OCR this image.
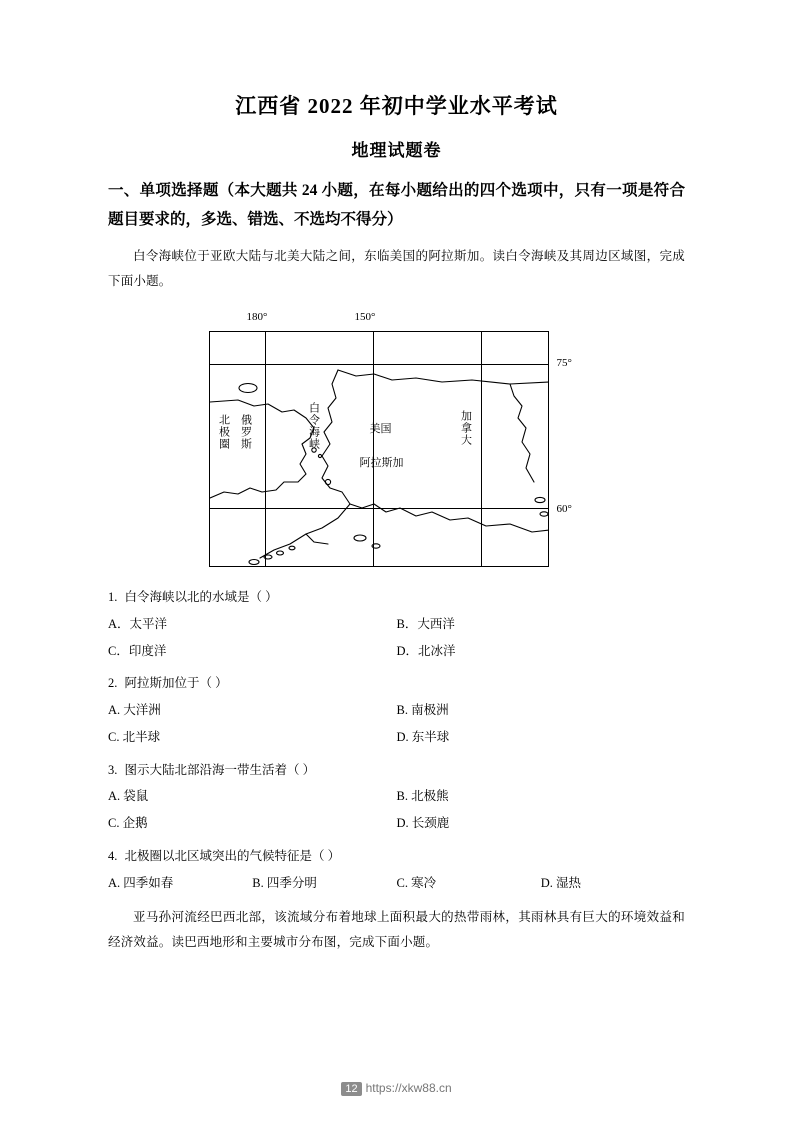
江西省 2022 年初中学业水平考试
地理试题卷
一、单项选择题（本大题共 24 小题，在每小题给出的四个选项中，只有一项是符合题目要求的，多选、错选、不选均不得分）
白令海峡位于亚欧大陆与北美大陆之间，东临美国的阿拉斯加。读白令海峡及其周边区域图，完成下面小题。
180°	150°
75°
60°
北极圈 俄罗斯	白令海峡	美国
阿拉斯加
加拿大
1. 白令海峡以北的水域是（ ）
A．太平洋	B．大西洋
C．印度洋	D．北冰洋
2. 阿拉斯加位于（ ）
A. 大洋洲	B. 南极洲
C. 北半球	D. 东半球
3. 图示大陆北部沿海一带生活着（ ）
A. 袋鼠	B. 北极熊
C. 企鹅	D. 长颈鹿
4. 北极圈以北区域突出的气候特征是（ ）
A. 四季如春	B. 四季分明	C. 寒冷	D. 湿热
亚马孙河流经巴西北部，该流域分布着地球上面积最大的热带雨林，其雨林具有巨大的环境效益和经济效益。读巴西地形和主要城市分布图，完成下面小题。
12 https://xkw88.cn
